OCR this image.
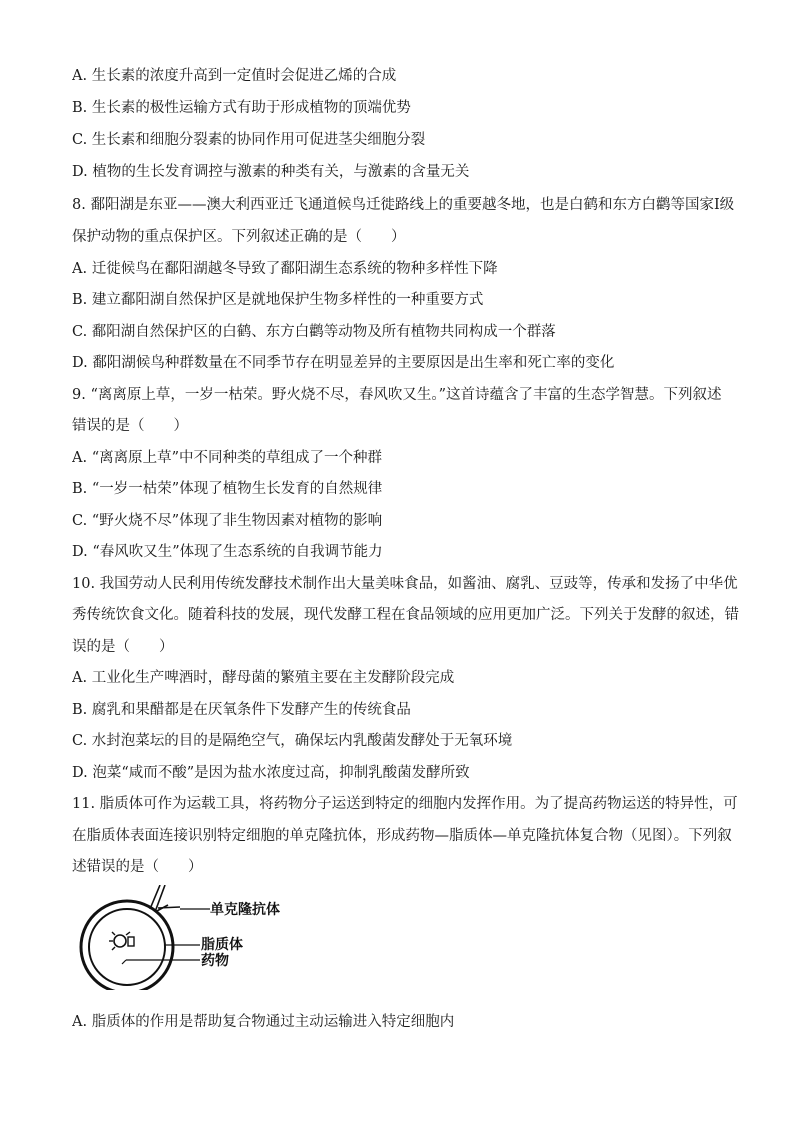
A. 生长素的浓度升高到一定值时会促进乙烯的合成
B. 生长素的极性运输方式有助于形成植物的顶端优势
C. 生长素和细胞分裂素的协同作用可促进茎尖细胞分裂
D. 植物的生长发育调控与激素的种类有关，与激素的含量无关
8. 鄱阳湖是东亚——澳大利西亚迁飞通道候鸟迁徙路线上的重要越冬地，也是白鹤和东方白鹳等国家Ⅰ级
保护动物的重点保护区。下列叙述正确的是（　　）
A. 迁徙候鸟在鄱阳湖越冬导致了鄱阳湖生态系统的物种多样性下降
B. 建立鄱阳湖自然保护区是就地保护生物多样性的一种重要方式
C. 鄱阳湖自然保护区的白鹤、东方白鹳等动物及所有植物共同构成一个群落
D. 鄱阳湖候鸟种群数量在不同季节存在明显差异的主要原因是出生率和死亡率的变化
9. “离离原上草，一岁一枯荣。野火烧不尽，春风吹又生。”这首诗蕴含了丰富的生态学智慧。下列叙述
错误的是（　　）
A. “离离原上草”中不同种类的草组成了一个种群
B. “一岁一枯荣”体现了植物生长发育的自然规律
C. “野火烧不尽”体现了非生物因素对植物的影响
D. “春风吹又生”体现了生态系统的自我调节能力
10. 我国劳动人民利用传统发酵技术制作出大量美味食品，如酱油、腐乳、豆豉等，传承和发扬了中华优
秀传统饮食文化。随着科技的发展，现代发酵工程在食品领域的应用更加广泛。下列关于发酵的叙述，错
误的是（　　）
A. 工业化生产啤酒时，酵母菌的繁殖主要在主发酵阶段完成
B. 腐乳和果醋都是在厌氧条件下发酵产生的传统食品
C. 水封泡菜坛的目的是隔绝空气，确保坛内乳酸菌发酵处于无氧环境
D. 泡菜“咸而不酸”是因为盐水浓度过高，抑制乳酸菌发酵所致
11. 脂质体可作为运载工具，将药物分子运送到特定的细胞内发挥作用。为了提高药物运送的特异性，可
在脂质体表面连接识别特定细胞的单克隆抗体，形成药物—脂质体—单克隆抗体复合物（见图）。下列叙
述错误的是（　　）
单克隆抗体
脂质体
药物
A. 脂质体的作用是帮助复合物通过主动运输进入特定细胞内
